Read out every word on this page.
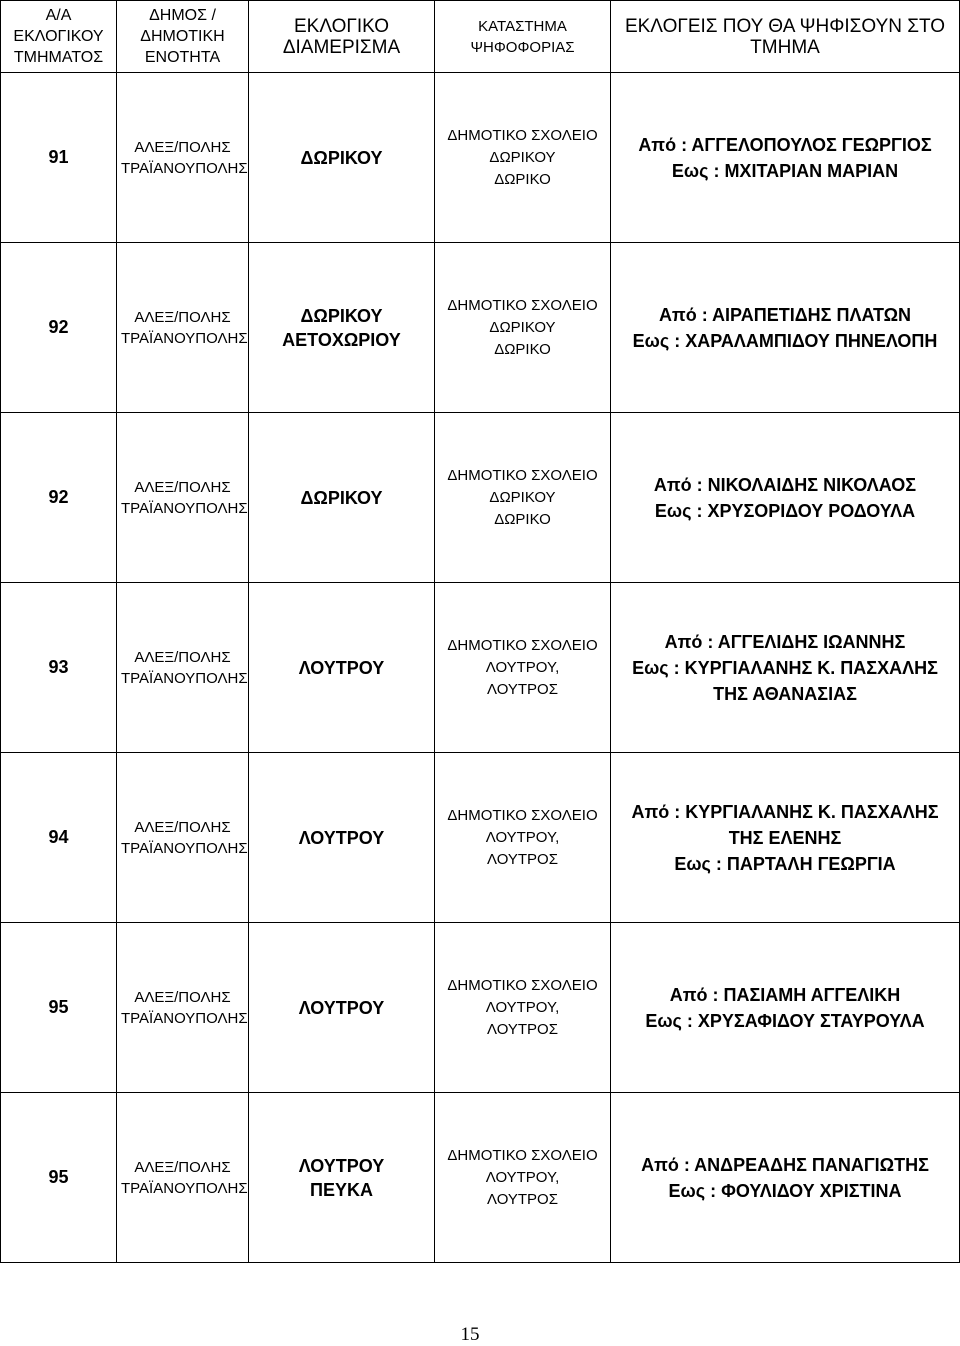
Α/Α
ΕΚΛΟΓΙΚΟΥ
ΤΜΗΜΑΤΟΣ	ΔΗΜΟΣ /
ΔΗΜΟΤΙΚΗ
ΕΝΟΤΗΤΑ	ΕΚΛΟΓΙΚΟ
ΔΙΑΜΕΡΙΣΜΑ	ΚΑΤΑΣΤΗΜΑ
ΨΗΦΟΦΟΡΙΑΣ	ΕΚΛΟΓΕΙΣ ΠΟΥ ΘΑ ΨΗΦΙΣΟΥΝ ΣΤΟ
ΤΜΗΜΑ

91	ΑΛΕΞ/ΠΟΛΗΣ
ΤΡΑΪΑΝΟΥΠΟΛΗΣ	ΔΩΡΙΚΟΥ	ΔΗΜΟΤΙΚΟ ΣΧΟΛΕΙΟ
ΔΩΡΙΚΟΥ
ΔΩΡΙΚΟ	Από : ΑΓΓΕΛΟΠΟΥΛΟΣ ΓΕΩΡΓΙΟΣ
Εως : ΜΧΙΤΑΡΙΑΝ ΜΑΡΙΑΝ

92	ΑΛΕΞ/ΠΟΛΗΣ
ΤΡΑΪΑΝΟΥΠΟΛΗΣ	ΔΩΡΙΚΟΥ
ΑΕΤΟΧΩΡΙΟΥ	ΔΗΜΟΤΙΚΟ ΣΧΟΛΕΙΟ
ΔΩΡΙΚΟΥ
ΔΩΡΙΚΟ	Από : ΑΙΡΑΠΕΤΙΔΗΣ ΠΛΑΤΩΝ
Εως : ΧΑΡΑΛΑΜΠΙΔΟΥ ΠΗΝΕΛΟΠΗ

92	ΑΛΕΞ/ΠΟΛΗΣ
ΤΡΑΪΑΝΟΥΠΟΛΗΣ	ΔΩΡΙΚΟΥ	ΔΗΜΟΤΙΚΟ ΣΧΟΛΕΙΟ
ΔΩΡΙΚΟΥ
ΔΩΡΙΚΟ	Από : ΝΙΚΟΛΑΙΔΗΣ ΝΙΚΟΛΑΟΣ
Εως : ΧΡΥΣΟΡΙΔΟΥ ΡΟΔΟΥΛΑ

93	ΑΛΕΞ/ΠΟΛΗΣ
ΤΡΑΪΑΝΟΥΠΟΛΗΣ	ΛΟΥΤΡΟΥ	ΔΗΜΟΤΙΚΟ ΣΧΟΛΕΙΟ
ΛΟΥΤΡΟΥ,
ΛΟΥΤΡΟΣ	Από : ΑΓΓΕΛΙΔΗΣ ΙΩΑΝΝΗΣ
Εως : ΚΥΡΓΙΑΛΑΝΗΣ Κ. ΠΑΣΧΑΛΗΣ
ΤΗΣ ΑΘΑΝΑΣΙΑΣ

94	ΑΛΕΞ/ΠΟΛΗΣ
ΤΡΑΪΑΝΟΥΠΟΛΗΣ	ΛΟΥΤΡΟΥ	ΔΗΜΟΤΙΚΟ ΣΧΟΛΕΙΟ
ΛΟΥΤΡΟΥ,
ΛΟΥΤΡΟΣ	Από : ΚΥΡΓΙΑΛΑΝΗΣ Κ. ΠΑΣΧΑΛΗΣ
ΤΗΣ ΕΛΕΝΗΣ
Εως : ΠΑΡΤΑΛΗ ΓΕΩΡΓΙΑ

95	ΑΛΕΞ/ΠΟΛΗΣ
ΤΡΑΪΑΝΟΥΠΟΛΗΣ	ΛΟΥΤΡΟΥ	ΔΗΜΟΤΙΚΟ ΣΧΟΛΕΙΟ
ΛΟΥΤΡΟΥ,
ΛΟΥΤΡΟΣ	Από : ΠΑΣΙΑΜΗ ΑΓΓΕΛΙΚΗ
Εως : ΧΡΥΣΑΦΙΔΟΥ ΣΤΑΥΡΟΥΛΑ

95	ΑΛΕΞ/ΠΟΛΗΣ
ΤΡΑΪΑΝΟΥΠΟΛΗΣ	ΛΟΥΤΡΟΥ
ΠΕΥΚΑ	ΔΗΜΟΤΙΚΟ ΣΧΟΛΕΙΟ
ΛΟΥΤΡΟΥ,
ΛΟΥΤΡΟΣ	Από : ΑΝΔΡΕΑΔΗΣ ΠΑΝΑΓΙΩΤΗΣ
Εως : ΦΟΥΛΙΔΟΥ ΧΡΙΣΤΙΝΑ
15
